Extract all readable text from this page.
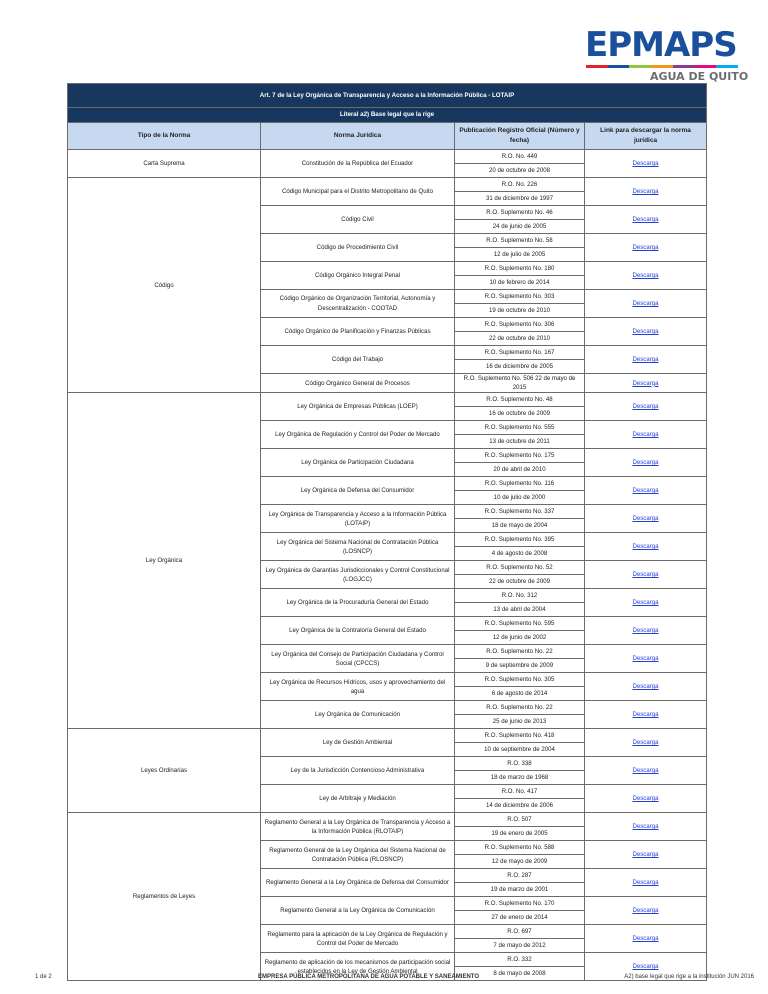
EPMAPS
AGUA DE QUITO
Art. 7 de la Ley Orgánica de Transparencia y Acceso a la Información Pública - LOTAIP			
Literal a2) Base legal que la rige			
Tipo de la Norma	Norma Jurídica	Publicación Registro Oficial (Número y fecha)	Link para descargar la norma jurídica
Carta Suprema	Constitución de la República del Ecuador	R.O. No. 449	Descarga
		20 de octubre de 2008	
Código	Código Municipal para el Distrito Metropolitano de Quito	R.O. No. 226	Descarga
		31 de diciembre de 1997	
	Código Civil	R.O. Suplemento No. 46	Descarga
		24 de junio de 2005	
	Código de Procedimiento Civil	R.O. Suplemento No. 58	Descarga
		12 de julio de 2005	
	Código Orgánico Integral Penal	R.O. Suplemento No. 180	Descarga
		10 de febrero de 2014	
	Código Orgánico de Organización Territorial, Autonomía y Descentralización - COOTAD	R.O. Suplemento No. 303	Descarga
		19 de octubre de 2010	
	Código Orgánico de Planificación y Finanzas Públicas	R.O. Suplemento No. 306	Descarga
		22 de octubre de 2010	
	Código del Trabajo	R.O. Suplemento No. 167	Descarga
		16 de diciembre de 2005	
	Código Orgánico General de Procesos	R.O. Suplemento No. 506 22 de mayo de 2015	Descarga

Ley Orgánica	Ley Orgánica de Empresas Públicas (LOEP)	R.O. Suplemento No. 48	Descarga
		16 de octubre de 2009	
	Ley Orgánica de Regulación y Control del Poder de Mercado	R.O. Suplemento No. 555	Descarga
		13 de octubre de 2011	
	Ley Orgánica de Participación Ciudadana	R.O. Suplemento No. 175	Descarga
		20 de abril de 2010	
	Ley Orgánica de Defensa del Consumidor	R.O. Suplemento No. 116	Descarga
		10 de julio de 2000	
	Ley Orgánica de Transparencia y Acceso a la Información Pública (LOTAIP)	R.O. Suplemento No. 337	Descarga
		18 de mayo de 2004	
	Ley Orgánica del Sistema Nacional de Contratación Pública (LOSNCP)	R.O. Suplemento No. 395	Descarga
		4 de agosto de 2008	
	Ley Orgánica de Garantías Jurisdiccionales y Control Constitucional (LOGJCC)	R.O. Suplemento No. 52	Descarga
		22 de octubre de 2009	
	Ley Orgánica de la Procuraduría General del Estado	R.O. No. 312	Descarga
		13 de abril de 2004	
	Ley Orgánica de la Contraloría General del Estado	R.O. Suplemento No. 595	Descarga
		12 de junio de 2002	
	Ley Orgánica del Consejo de Participación Ciudadana y Control Social (CPCCS)	R.O. Suplemento No. 22	Descarga
		9 de septiembre de 2009	
	Ley Orgánica de Recursos Hídricos, usos y aprovechamiento del agua	R.O. Suplemento No. 305	Descarga
		6 de agosto de 2014	
	Ley Orgánica de Comunicación	R.O. Suplemento No. 22	Descarga
		25 de junio de 2013	
Leyes Ordinarias	Ley de Gestión Ambiental	R.O. Suplemento No. 418	Descarga
		10 de septiembre de 2004	
	Ley de la Jurisdicción Contencioso Administrativa	R.O. 338	Descarga
		18 de marzo de 1968	
	Ley de Arbitraje y Mediación	R.O. No. 417	Descarga
		14 de diciembre de 2006	
Reglamentos de Leyes	Reglamento General a la Ley Orgánica de Transparencia y Acceso a la Información Pública (RLOTAIP)	R.O. 507	Descarga
		19 de enero de 2005	
	Reglamento General de la Ley Orgánica del Sistema Nacional de Contratación Pública (RLOSNCP)	R.O. Suplemento No. 588	Descarga
		12 de mayo de 2009	
	Reglamento General a la Ley Orgánica de Defensa del Consumidor	R.O. 287	Descarga
		19 de marzo de 2001	
	Reglamento General a la Ley Orgánica de Comunicación	R.O. Suplemento No. 170	Descarga
		27 de enero de 2014	
	Reglamento para la aplicación de la Ley Orgánica de Regulación y Control del Poder de Mercado	R.O. 697	Descarga
		7 de mayo de 2012	
	Reglamento de aplicación de los mecanismos de participación social establecidos en la Ley de Gestión Ambiental	R.O. 332	Descarga
		8 de mayo de 2008	
1 de 2	EMPRESA PÚBLICA METROPOLITANA DE AGUA POTABLE Y SANEAMIENTO	A2) base legal que rige a la institución JUN 2016
